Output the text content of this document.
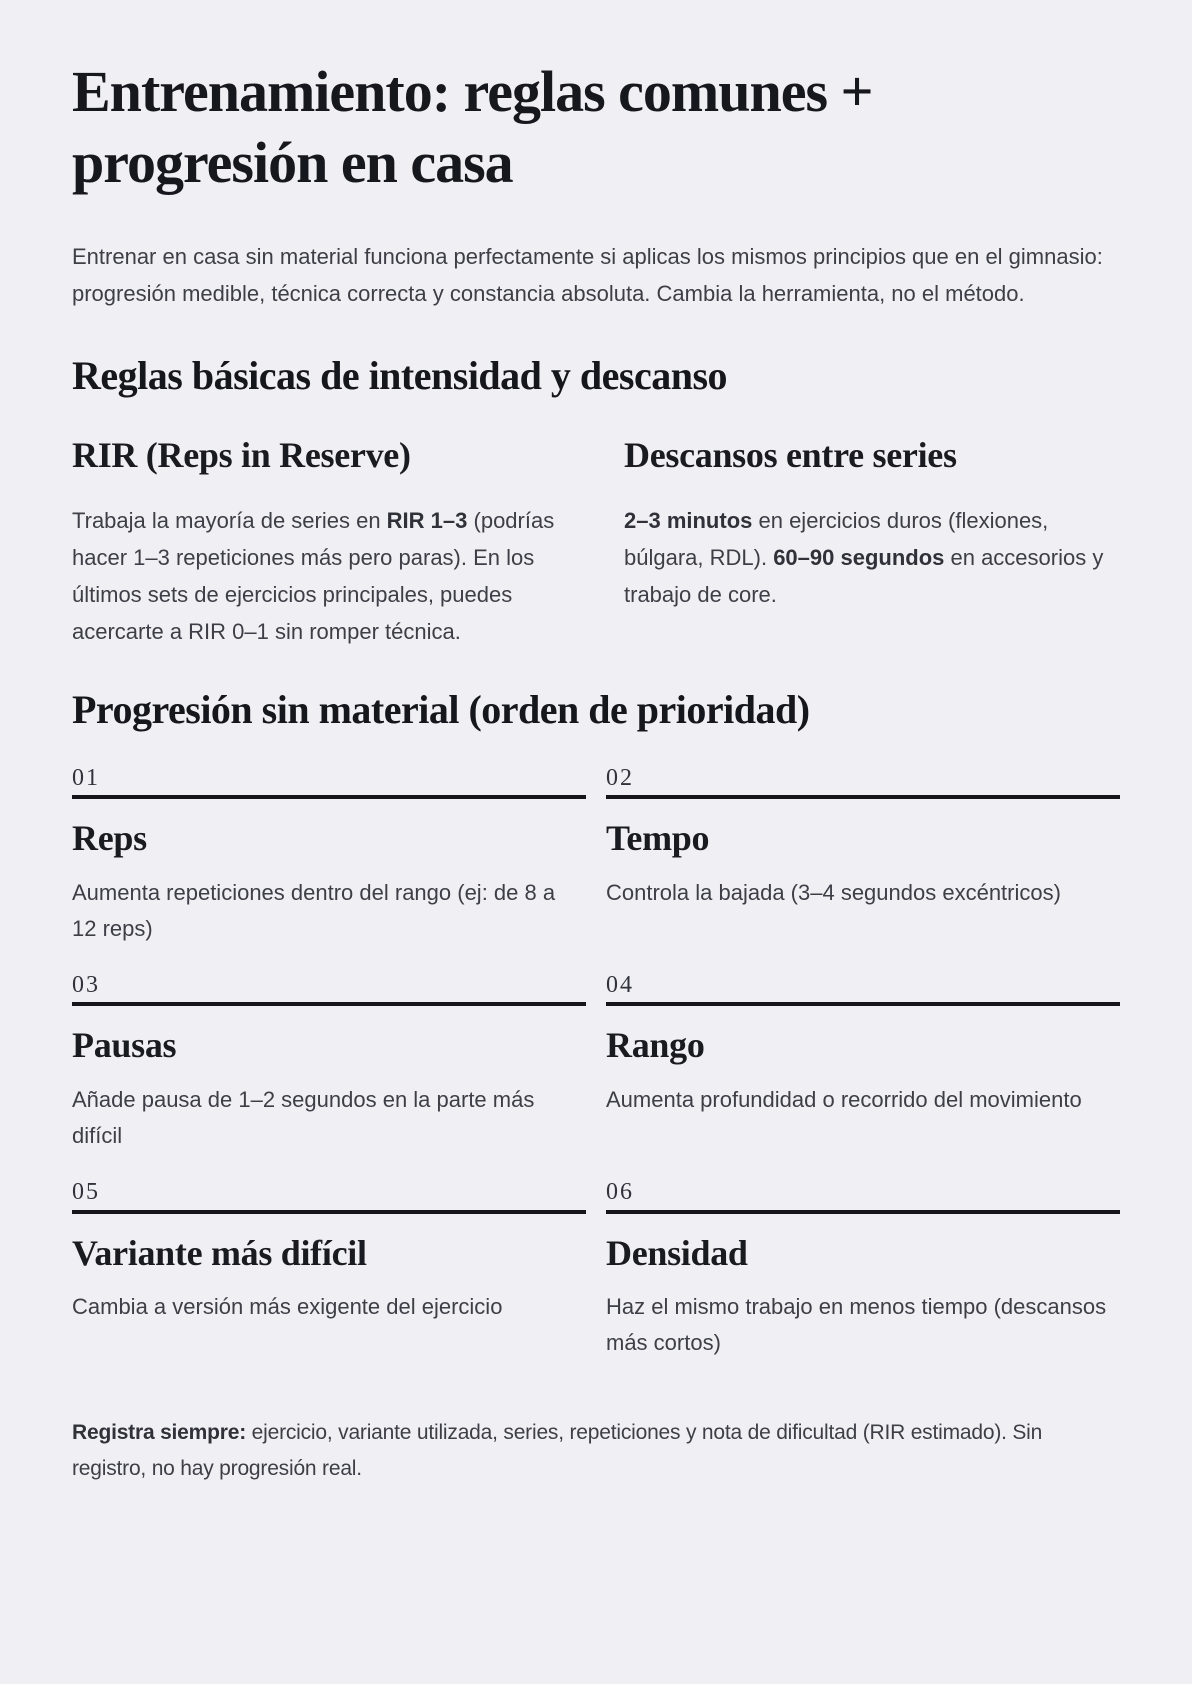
Entrenamiento: reglas comunes + progresión en casa

Entrenar en casa sin material funciona perfectamente si aplicas los mismos principios que en el gimnasio: progresión medible, técnica correcta y constancia absoluta. Cambia la herramienta, no el método.

Reglas básicas de intensidad y descanso
RIR (Reps in Reserve)

Trabaja la mayoría de series en RIR 1–3 (podrías hacer 1–3 repeticiones más pero paras). En los últimos sets de ejercicios principales, puedes acercarte a RIR 0–1 sin romper técnica.

Descansos entre series

2–3 minutos en ejercicios duros (flexiones, búlgara, RDL). 60–90 segundos en accesorios y trabajo de core.

Progresión sin material (orden de prioridad)
01
Reps

Aumenta repeticiones dentro del rango (ej: de 8 a 12 reps)

02
Tempo

Controla la bajada (3–4 segundos excéntricos)

03
Pausas

Añade pausa de 1–2 segundos en la parte más difícil

04
Rango

Aumenta profundidad o recorrido del movimiento

05
Variante más difícil

Cambia a versión más exigente del ejercicio

06
Densidad

Haz el mismo trabajo en menos tiempo (descansos más cortos)

Registra siempre: ejercicio, variante utilizada, series, repeticiones y nota de dificultad (RIR estimado). Sin registro, no hay progresión real.
